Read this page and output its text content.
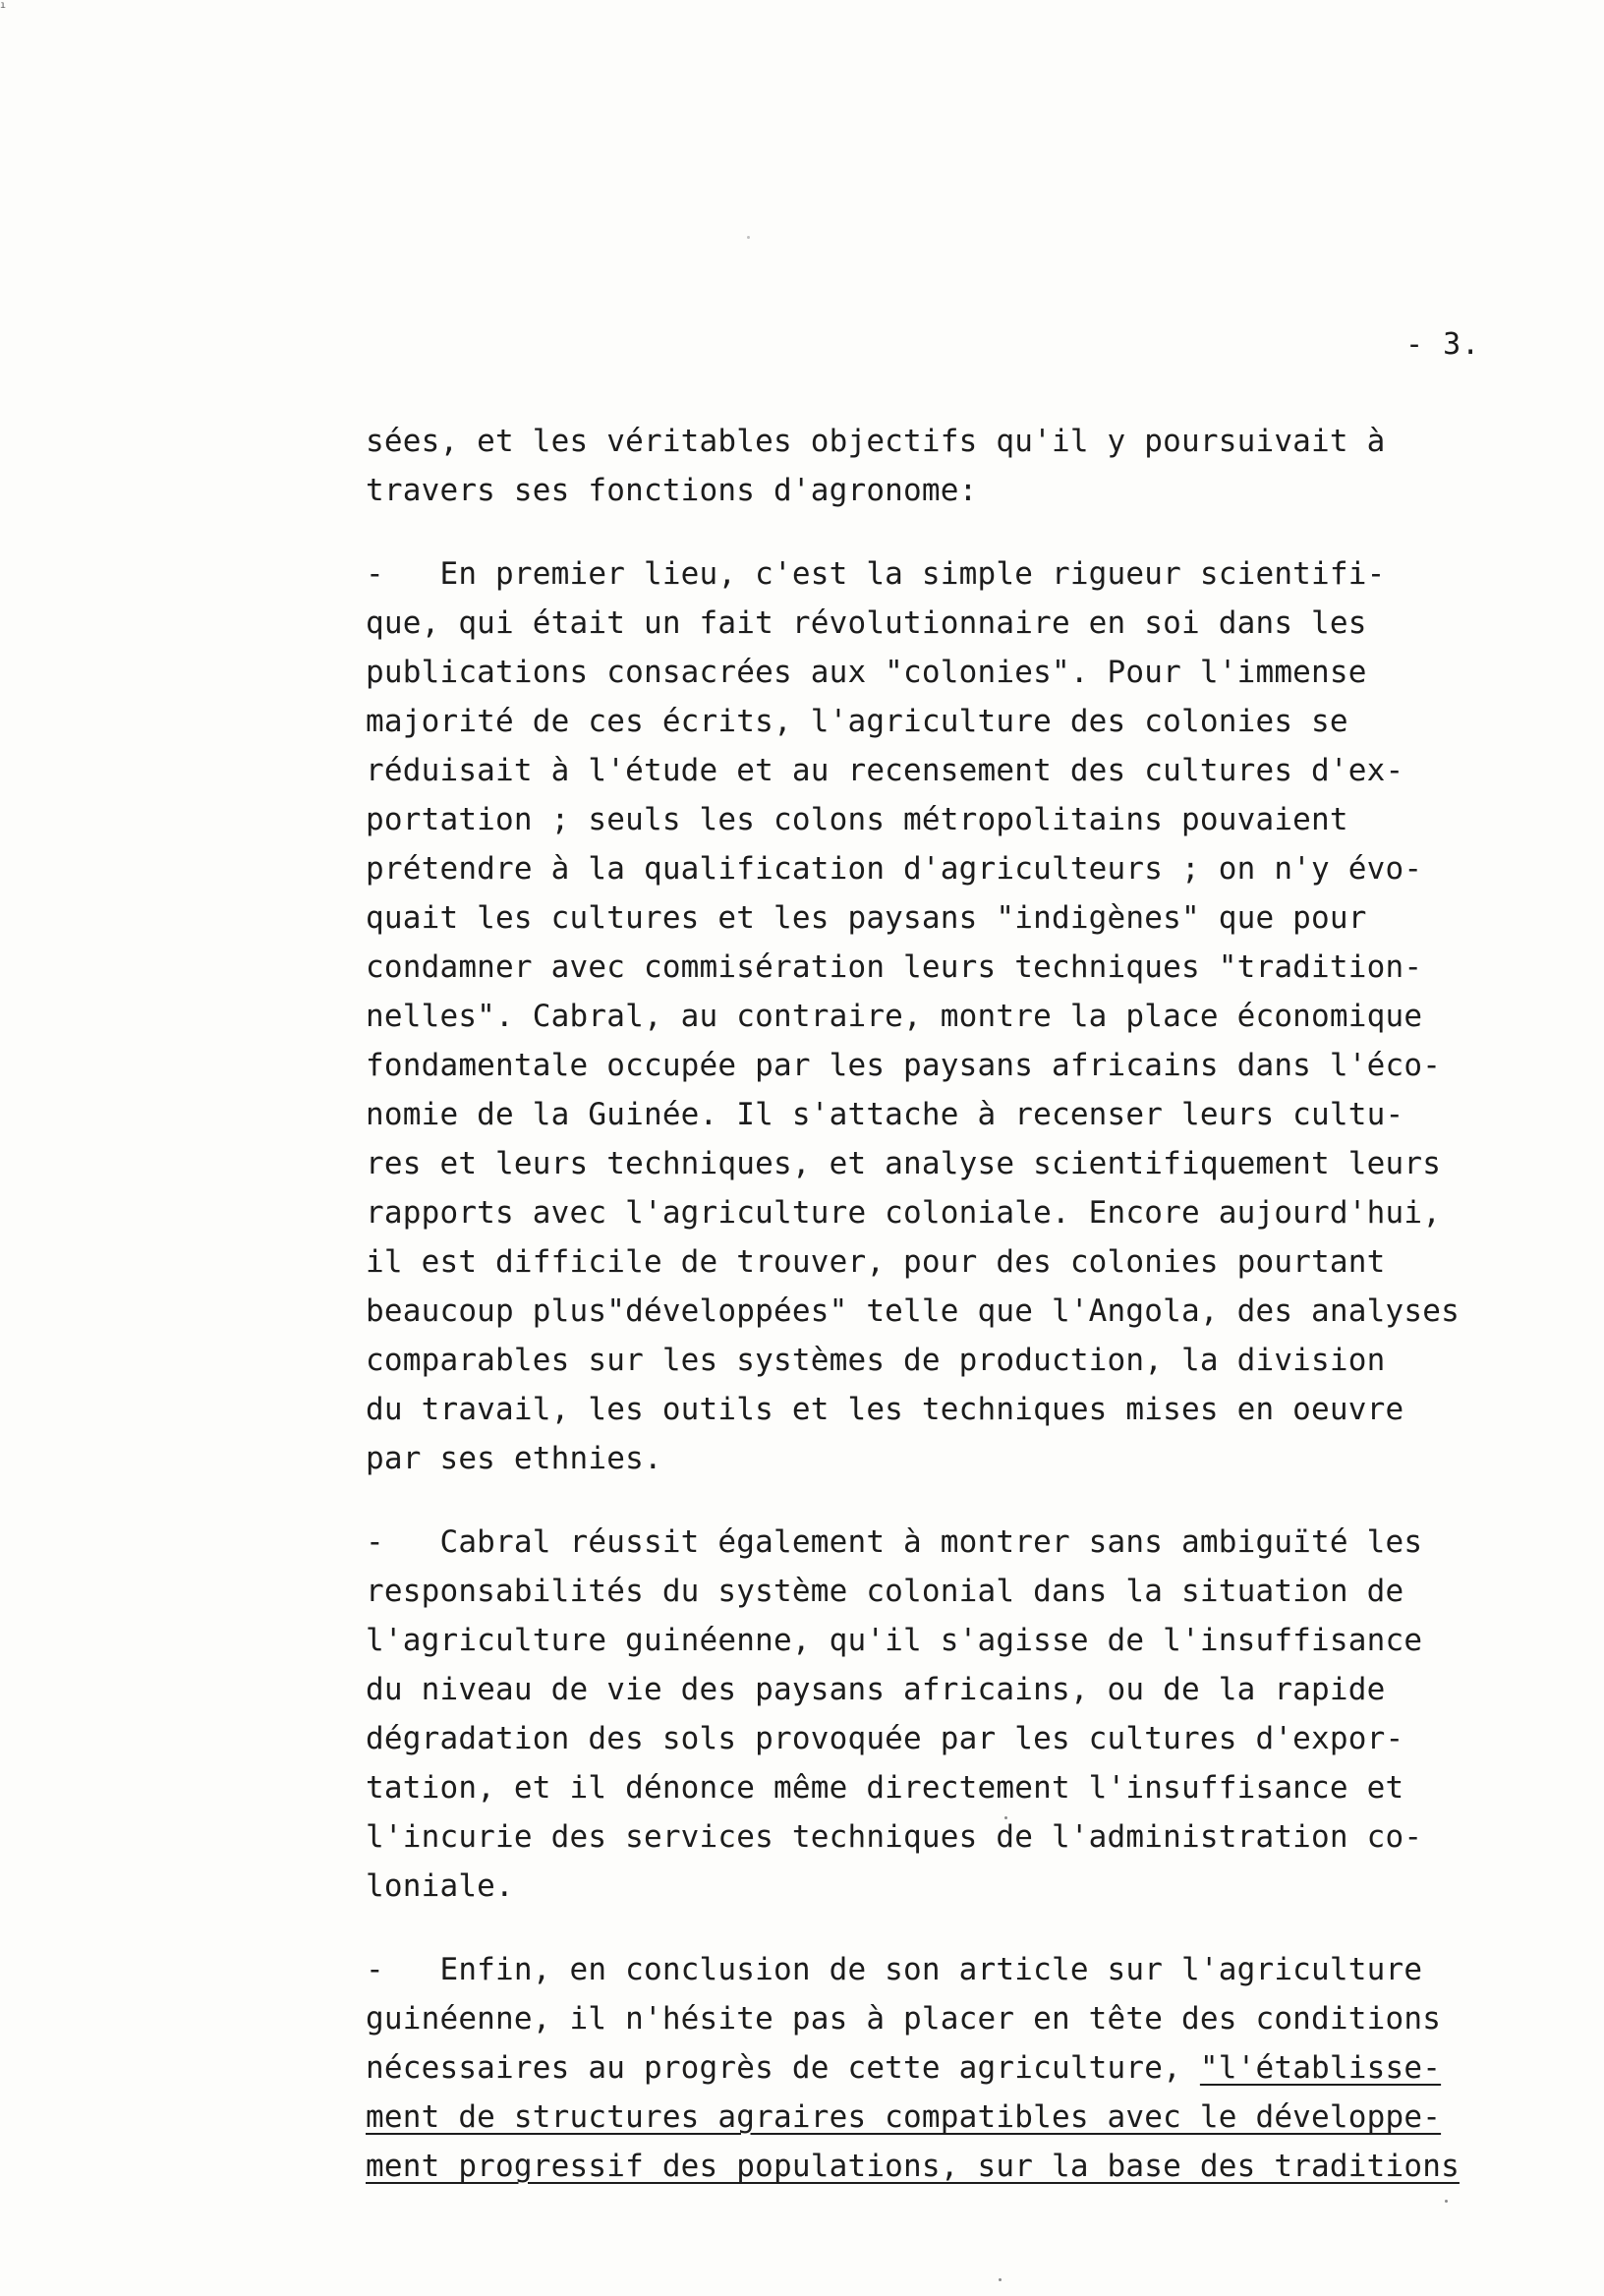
ı
- 3.
sées, et les véritables objectifs qu'il y poursuivait à
travers ses fonctions d'agronome:
-   En premier lieu, c'est la simple rigueur scientifi-
que, qui était un fait révolutionnaire en soi dans les
publications consacrées aux "colonies". Pour l'immense
majorité de ces écrits, l'agriculture des colonies se
réduisait à l'étude et au recensement des cultures d'ex-
portation ; seuls les colons métropolitains pouvaient
prétendre à la qualification d'agriculteurs ; on n'y évo-
quait les cultures et les paysans "indigènes" que pour
condamner avec commisération leurs techniques "tradition-
nelles". Cabral, au contraire, montre la place économique
fondamentale occupée par les paysans africains dans l'éco-
nomie de la Guinée. Il s'attache à recenser leurs cultu-
res et leurs techniques, et analyse scientifiquement leurs
rapports avec l'agriculture coloniale. Encore aujourd'hui,
il est difficile de trouver, pour des colonies pourtant
beaucoup plus"développées" telle que l'Angola, des analyses
comparables sur les systèmes de production, la division
du travail, les outils et les techniques mises en oeuvre
par ses ethnies.
-   Cabral réussit également à montrer sans ambiguïté les
responsabilités du système colonial dans la situation de
l'agriculture guinéenne, qu'il s'agisse de l'insuffisance
du niveau de vie des paysans africains, ou de la rapide
dégradation des sols provoquée par les cultures d'expor-
tation, et il dénonce même directement l'insuffisance et
l'incurie des services techniques de l'administration co-
loniale.
-   Enfin, en conclusion de son article sur l'agriculture
guinéenne, il n'hésite pas à placer en tête des conditions
nécessaires au progrès de cette agriculture, "l'établisse-
ment de structures agraires compatibles avec le développe-
ment progressif des populations, sur la base des traditions
